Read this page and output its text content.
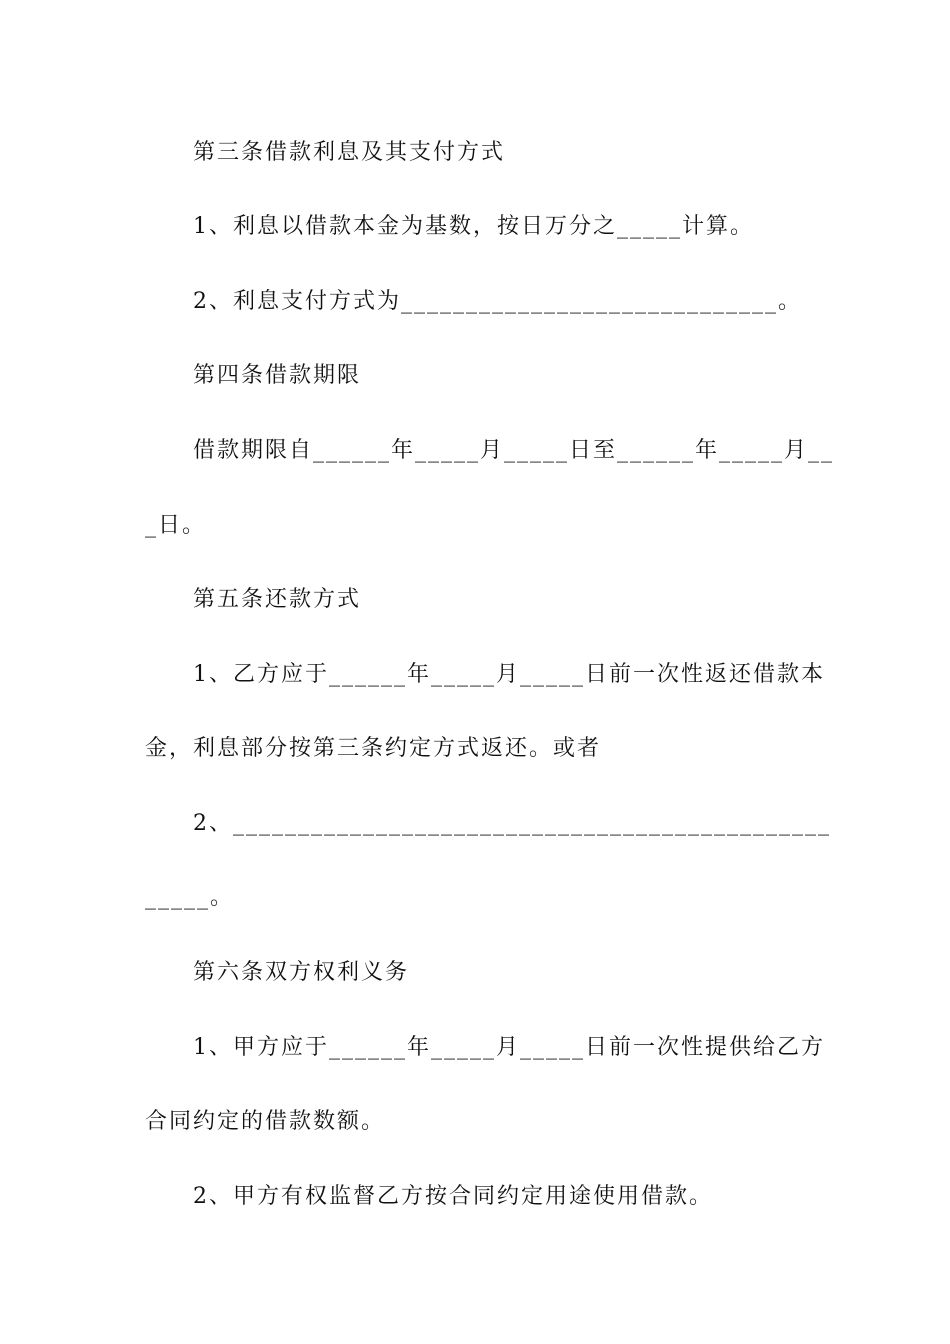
第三条借款利息及其支付方式
1、利息以借款本金为基数，按日万分之_____计算。
2、利息支付方式为_____________________________。
第四条借款期限
借款期限自______年_____月_____日至______年_____月__
_日。
第五条还款方式
1、乙方应于______年_____月_____日前一次性返还借款本
金，利息部分按第三条约定方式返还。或者
2、______________________________________________
_____。
第六条双方权利义务
1、甲方应于______年_____月_____日前一次性提供给乙方
合同约定的借款数额。
2、甲方有权监督乙方按合同约定用途使用借款。
